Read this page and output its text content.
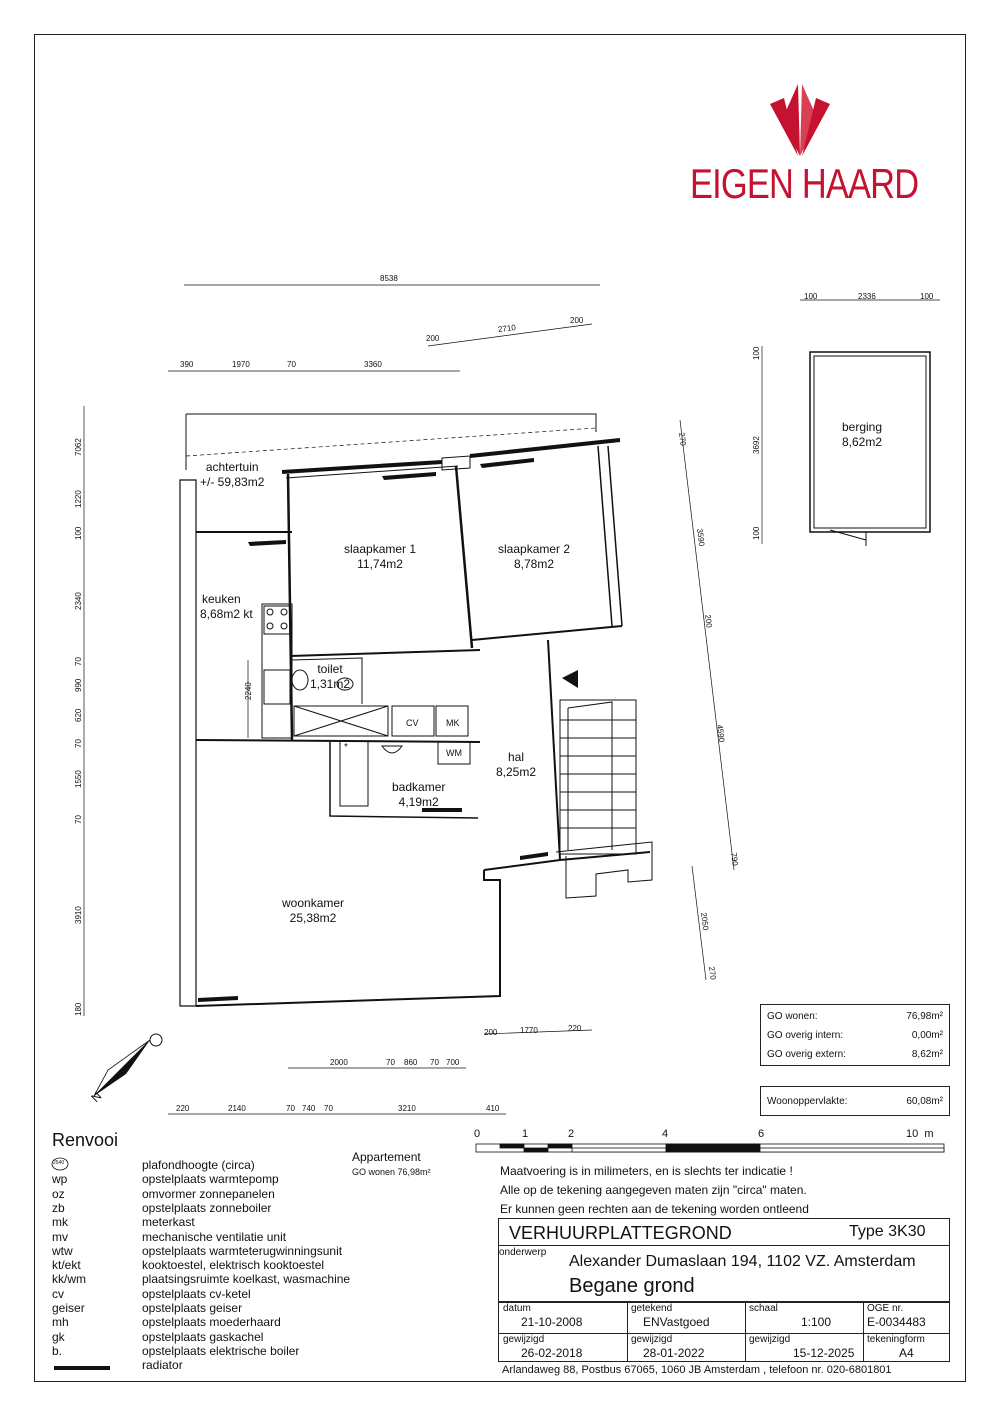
EIGEN HAARD
achtertuin
+/- 59,83m2
slaapkamer 1
11,74m2
slaapkamer 2
8,78m2
keuken
8,68m2 kt
toilet
1,31m2
hal
8,25m2
badkamer
4,19m2
woonkamer
25,38m2
berging
8,62m2
CV	MK
WM
2240
*
8538
390	1970	70	3360
200
2710
200
100	2336	100
100
3692
100
7062
1220
100
2340
70
990
620
70
1550
70
3910
180
270
3590
200
4590
790
2050
270
200	1770	220
2000	70 860 70 700
220	2140	70 740 70	3210	410
N
GO wonen:	76,98m²
GO overig intern:	0,00m²
GO overig extern:	8,62m²
Woonoppervlakte:	60,08m²
0	1	2	4	6	10  m
Renvooi
2540	plafondhoogte (circa)
wp	opstelplaats warmtepomp
oz	omvormer zonnepanelen
zb	opstelplaats zonneboiler
mk	meterkast
mv	mechanische ventilatie unit
wtw	opstelplaats warmteterugwinningsunit
kt/ekt	kooktoestel, elektrisch kooktoestel
kk/wm	plaatsingsruimte koelkast, wasmachine
cv	opstelplaats cv-ketel
geiser	opstelplaats geiser
mh	opstelplaats moederhaard
gk	opstelplaats gaskachel
b.	opstelplaats elektrische boiler
radiator
Appartement
GO wonen 76,98m²	Maatvoering is in milimeters, en is slechts ter indicatie !
Alle op de tekening aangegeven maten zijn "circa" maten.
Er kunnen geen rechten aan de tekening worden ontleend
VERHUURPLATTEGROND	Type 3K30
onderwerp
Alexander Dumaslaan 194, 1102 VZ. Amsterdam
Begane grond
datum
21-10-2008
getekend
ENVastgoed
schaal
1:100
OGE nr.
E-0034483
gewijzigd
26-02-2018
gewijzigd
28-01-2022
gewijzigd
15-12-2025
tekeningform
A4
Arlandaweg 88, Postbus 67065, 1060 JB Amsterdam , telefoon nr. 020-6801801
